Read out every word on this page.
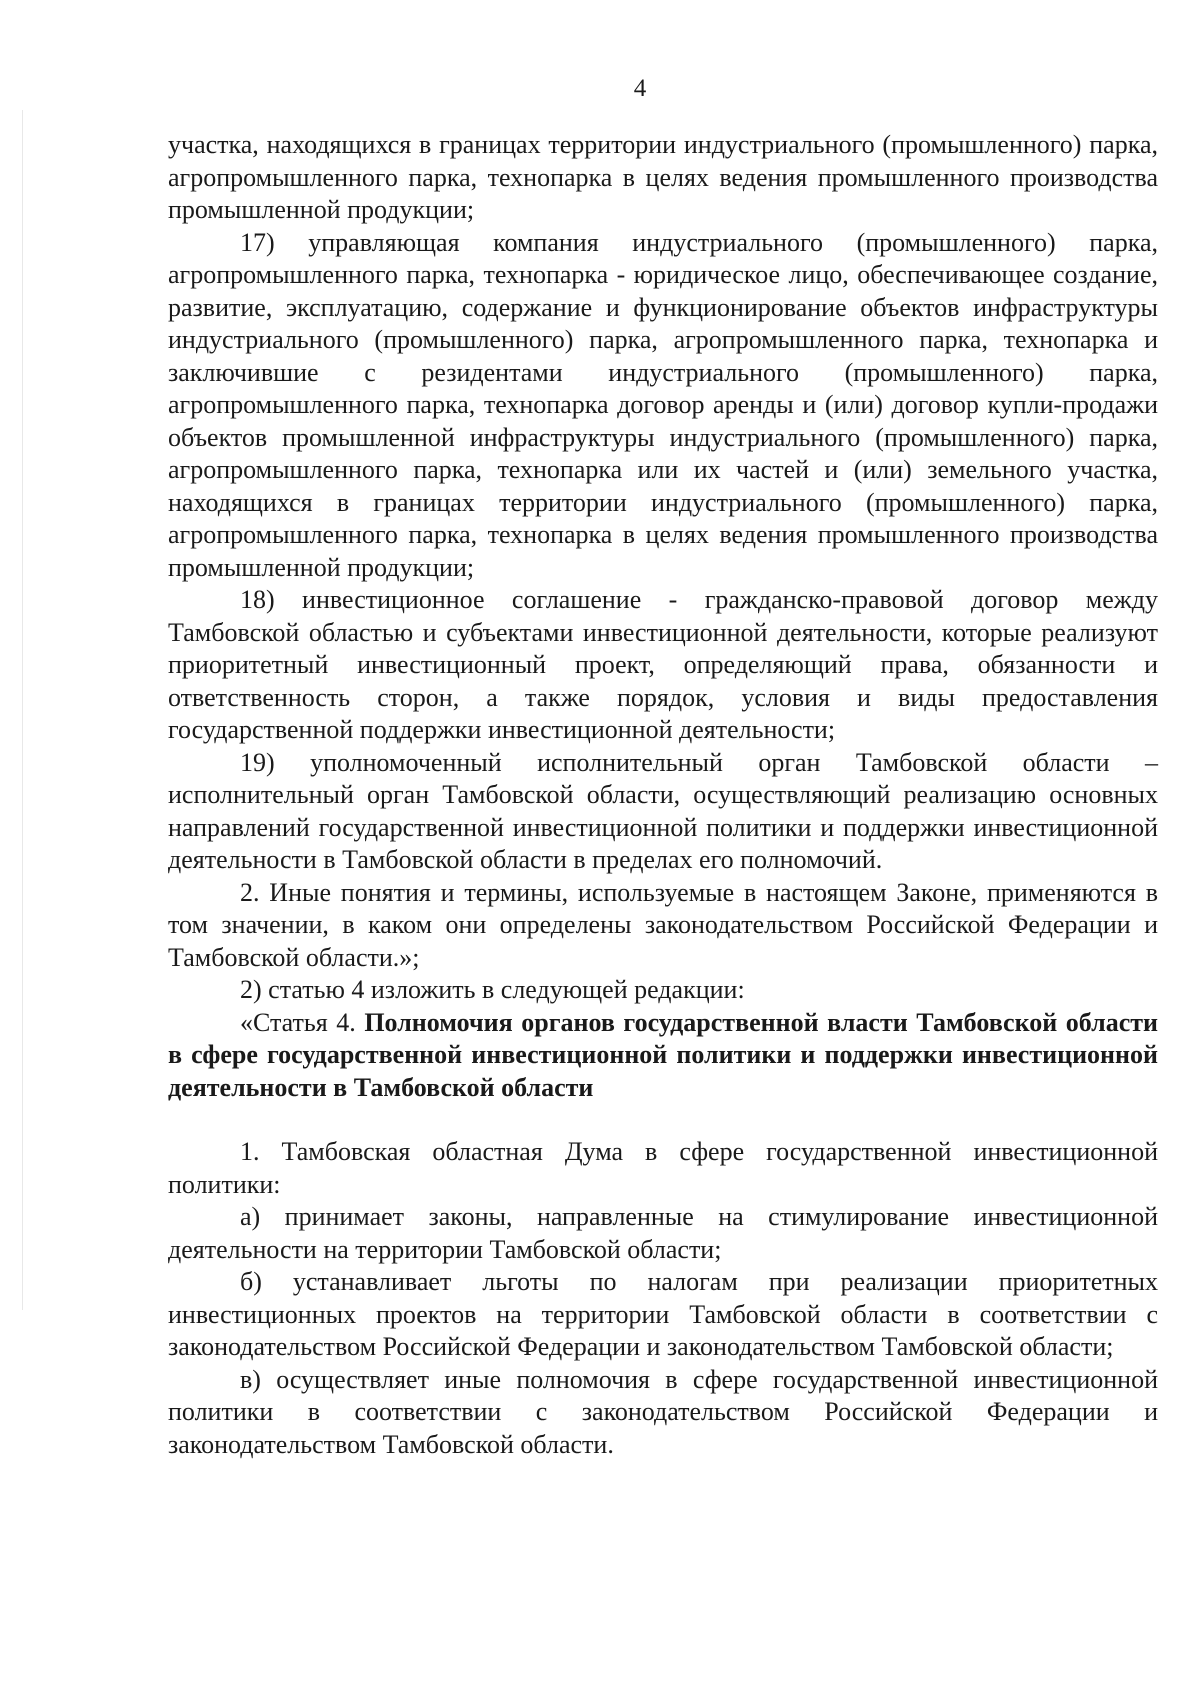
4

участка, находящихся в границах территории индустриального (промышленного) парка, агропромышленного парка, технопарка в целях ведения промышленного производства промышленной продукции;

17) управляющая компания индустриального (промышленного) парка, агропромышленного парка, технопарка - юридическое лицо, обеспечивающее создание, развитие, эксплуатацию, содержание и функционирование объектов инфраструктуры индустриального (промышленного) парка, агропромышленного парка, технопарка и заключившие с резидентами индустриального (промышленного) парка, агропромышленного парка, технопарка договор аренды и (или) договор купли-продажи объектов промышленной инфраструктуры индустриального (промышленного) парка, агропромышленного парка, технопарка или их частей и (или) земельного участка, находящихся в границах территории индустриального (промышленного) парка, агропромышленного парка, технопарка в целях ведения промышленного производства промышленной продукции;

18) инвестиционное соглашение - гражданско-правовой договор между Тамбовской областью и субъектами инвестиционной деятельности, которые реализуют приоритетный инвестиционный проект, определяющий права, обязанности и ответственность сторон, а также порядок, условия и виды предоставления государственной поддержки инвестиционной деятельности;

19) уполномоченный исполнительный орган Тамбовской области – исполнительный орган Тамбовской области, осуществляющий реализацию основных направлений государственной инвестиционной политики и поддержки инвестиционной деятельности в Тамбовской области в пределах его полномочий.

2. Иные понятия и термины, используемые в настоящем Законе, применяются в том значении, в каком они определены законодательством Российской Федерации и Тамбовской области.»;

2) статью 4 изложить в следующей редакции:

«Статья 4. Полномочия органов государственной власти Тамбовской области в сфере государственной инвестиционной политики и поддержки инвестиционной деятельности в Тамбовской области

1. Тамбовская областная Дума в сфере государственной инвестиционной политики:

а) принимает законы, направленные на стимулирование инвестиционной деятельности на территории Тамбовской области;

б) устанавливает льготы по налогам при реализации приоритетных инвестиционных проектов на территории Тамбовской области в соответствии с законодательством Российской Федерации и законодательством Тамбовской области;

в) осуществляет иные полномочия в сфере государственной инвестиционной политики в соответствии с законодательством Российской Федерации и законодательством Тамбовской области.
